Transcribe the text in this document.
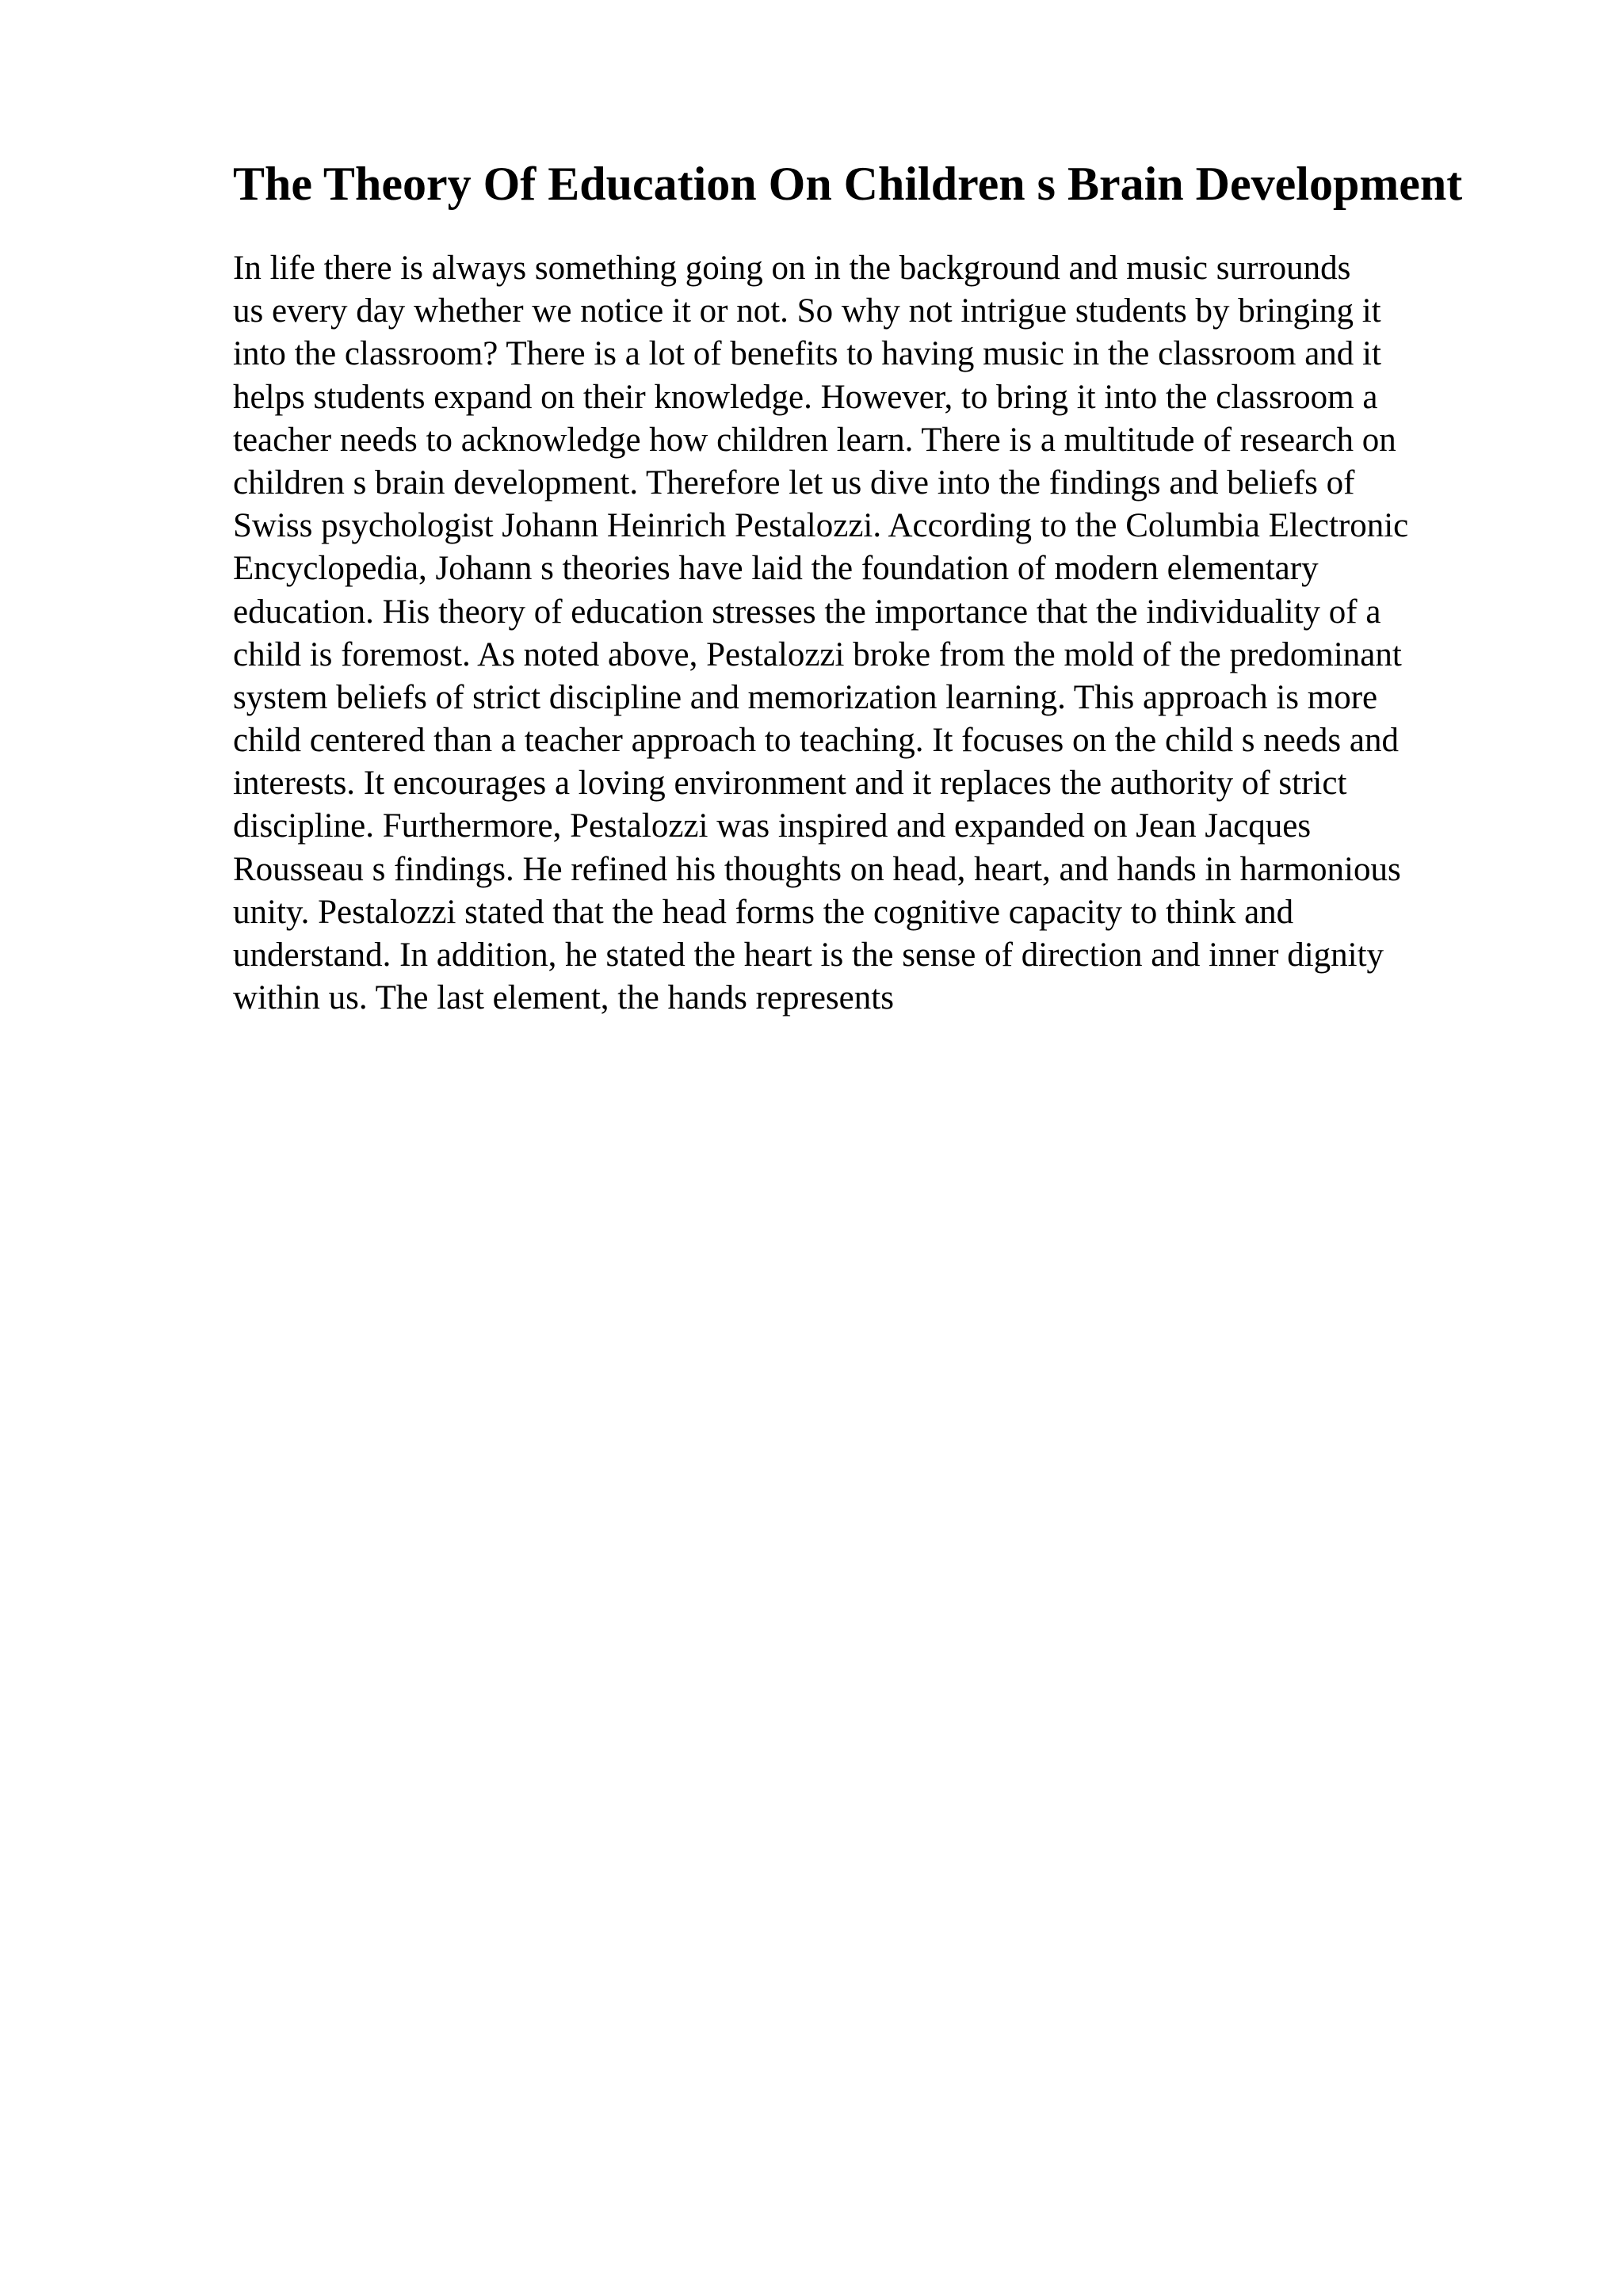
The Theory Of Education On Children s Brain Development
In life there is always something going on in the background and music surrounds
us every day whether we notice it or not. So why not intrigue students by bringing it
into the classroom? There is a lot of benefits to having music in the classroom and it
helps students expand on their knowledge. However, to bring it into the classroom a
teacher needs to acknowledge how children learn. There is a multitude of research on
children s brain development. Therefore let us dive into the findings and beliefs of
Swiss psychologist Johann Heinrich Pestalozzi. According to the Columbia Electronic
Encyclopedia, Johann s theories have laid the foundation of modern elementary
education. His theory of education stresses the importance that the individuality of a
child is foremost. As noted above, Pestalozzi broke from the mold of the predominant
system beliefs of strict discipline and memorization learning. This approach is more
child centered than a teacher approach to teaching. It focuses on the child s needs and
interests. It encourages a loving environment and it replaces the authority of strict
discipline. Furthermore, Pestalozzi was inspired and expanded on Jean Jacques
Rousseau s findings. He refined his thoughts on head, heart, and hands in harmonious
unity. Pestalozzi stated that the head forms the cognitive capacity to think and
understand. In addition, he stated the heart is the sense of direction and inner dignity
within us. The last element, the hands represents
